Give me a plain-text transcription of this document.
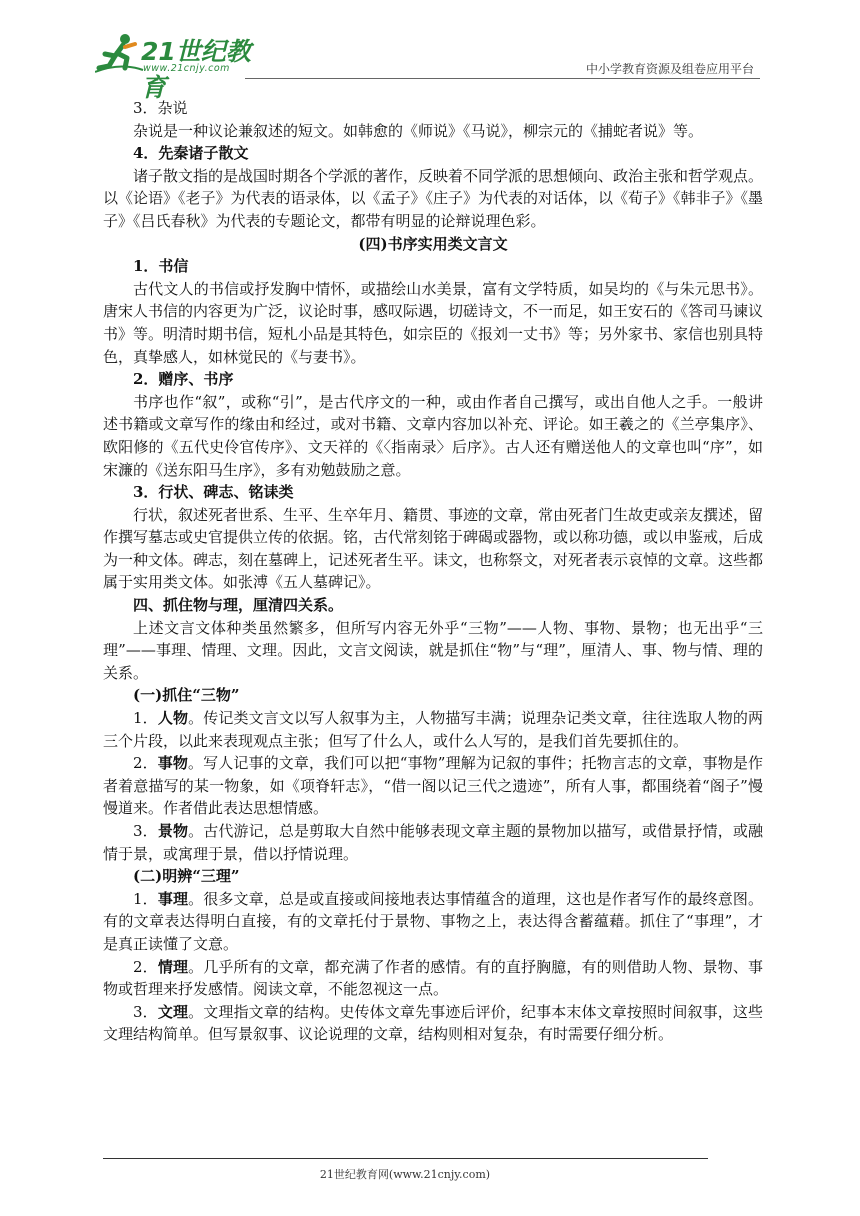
21世纪教育
www.21cnjy.com	中小学教育资源及组卷应用平台

3．杂说

杂说是一种议论兼叙述的短文。如韩愈的《师说》《马说》，柳宗元的《捕蛇者说》等。

4．先秦诸子散文

诸子散文指的是战国时期各个学派的著作，反映着不同学派的思想倾向、政治主张和哲学观点。以《论语》《老子》为代表的语录体，以《孟子》《庄子》为代表的对话体，以《荀子》《韩非子》《墨子》《吕氏春秋》为代表的专题论文，都带有明显的论辩说理色彩。

(四)书序实用类文言文

1．书信

古代文人的书信或抒发胸中情怀，或描绘山水美景，富有文学特质，如吴均的《与朱元思书》。唐宋人书信的内容更为广泛，议论时事，感叹际遇，切磋诗文，不一而足，如王安石的《答司马谏议书》等。明清时期书信，短札小品是其特色，如宗臣的《报刘一丈书》等；另外家书、家信也别具特色，真挚感人，如林觉民的《与妻书》。

2．赠序、书序

书序也作“叙”，或称“引”，是古代序文的一种，或由作者自己撰写，或出自他人之手。一般讲述书籍或文章写作的缘由和经过，或对书籍、文章内容加以补充、评论。如王羲之的《兰亭集序》、欧阳修的《五代史伶官传序》、文天祥的《〈指南录〉后序》。古人还有赠送他人的文章也叫“序”，如宋濂的《送东阳马生序》，多有劝勉鼓励之意。

3．行状、碑志、铭诔类

行状，叙述死者世系、生平、生卒年月、籍贯、事迹的文章，常由死者门生故吏或亲友撰述，留作撰写墓志或史官提供立传的依据。铭，古代常刻铭于碑碣或器物，或以称功德，或以申鉴戒，后成为一种文体。碑志，刻在墓碑上，记述死者生平。诔文，也称祭文，对死者表示哀悼的文章。这些都属于实用类文体。如张溥《五人墓碑记》。

四、抓住物与理，厘清四关系。

上述文言文体种类虽然繁多，但所写内容无外乎“三物”——人物、事物、景物；也无出乎“三理”——事理、情理、文理。因此，文言文阅读，就是抓住“物”与“理”，厘清人、事、物与情、理的关系。

(一)抓住“三物”

1．人物。传记类文言文以写人叙事为主，人物描写丰满；说理杂记类文章，往往选取人物的两三个片段，以此来表现观点主张；但写了什么人，或什么人写的，是我们首先要抓住的。

2．事物。写人记事的文章，我们可以把“事物”理解为记叙的事件；托物言志的文章，事物是作者着意描写的某一物象，如《项脊轩志》，“借一阁以记三代之遗迹”，所有人事，都围绕着“阁子”慢慢道来。作者借此表达思想情感。

3．景物。古代游记，总是剪取大自然中能够表现文章主题的景物加以描写，或借景抒情，或融情于景，或寓理于景，借以抒情说理。

(二)明辨“三理”

1．事理。很多文章，总是或直接或间接地表达事情蕴含的道理，这也是作者写作的最终意图。有的文章表达得明白直接，有的文章托付于景物、事物之上，表达得含蓄蕴藉。抓住了“事理”，才是真正读懂了文意。

2．情理。几乎所有的文章，都充满了作者的感情。有的直抒胸臆，有的则借助人物、景物、事物或哲理来抒发感情。阅读文章，不能忽视这一点。

3．文理。文理指文章的结构。史传体文章先事迹后评价，纪事本末体文章按照时间叙事，这些文理结构简单。但写景叙事、议论说理的文章，结构则相对复杂，有时需要仔细分析。

21世纪教育网(www.21cnjy.com)
